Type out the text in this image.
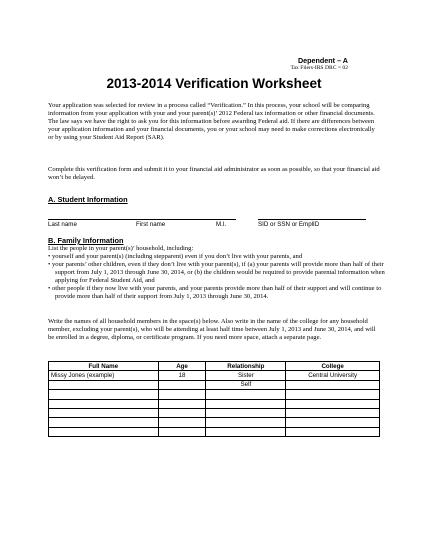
Dependent – A
Tax Filers-IRS DRC = 02
2013-2014 Verification Worksheet
Your application was selected for review in a process called “Verification.” In this process, your school will be comparing information from your application with your and your parent(s)’ 2012 Federal tax information or other financial documents. The law says we have the right to ask you for this information before awarding Federal aid. If there are differences between your application information and your financial documents, you or your school may need to make corrections electronically or by using your Student Aid Report (SAR).
Complete this verification form and submit it to your financial aid administrator as soon as possible, so that your financial aid won’t be delayed.
A. Student Information
Last name	First name	M.I.	SID or SSN or EmplID
B. Family Information

List the people in your parent(s)’ household, including:

• yourself and your parent(s) (including stepparent) even if you don’t live with your parents, and

• your parents’ other children, even if they don’t live with your parent(s), if (a) your parents will provide more than half of their support from July 1, 2013 through June 30, 2014, or (b) the children would be required to provide parental information when applying for Federal Student Aid, and

• other people if they now live with your parents, and your parents provide more than half of their support and will continue to provide more than half of their support from July 1, 2013 through June 30, 2014.

Write the names of all household members in the space(s) below. Also write in the name of the college for any household member, excluding your parent(s), who will be attending at least half time between July 1, 2013 and June 30, 2014, and will be enrolled in a degree, diploma, or certificate program. If you need more space, attach a separate page.
Full Name	Age	Relationship	College
Missy Jones (example)	18	Sister	Central University
		Self	
